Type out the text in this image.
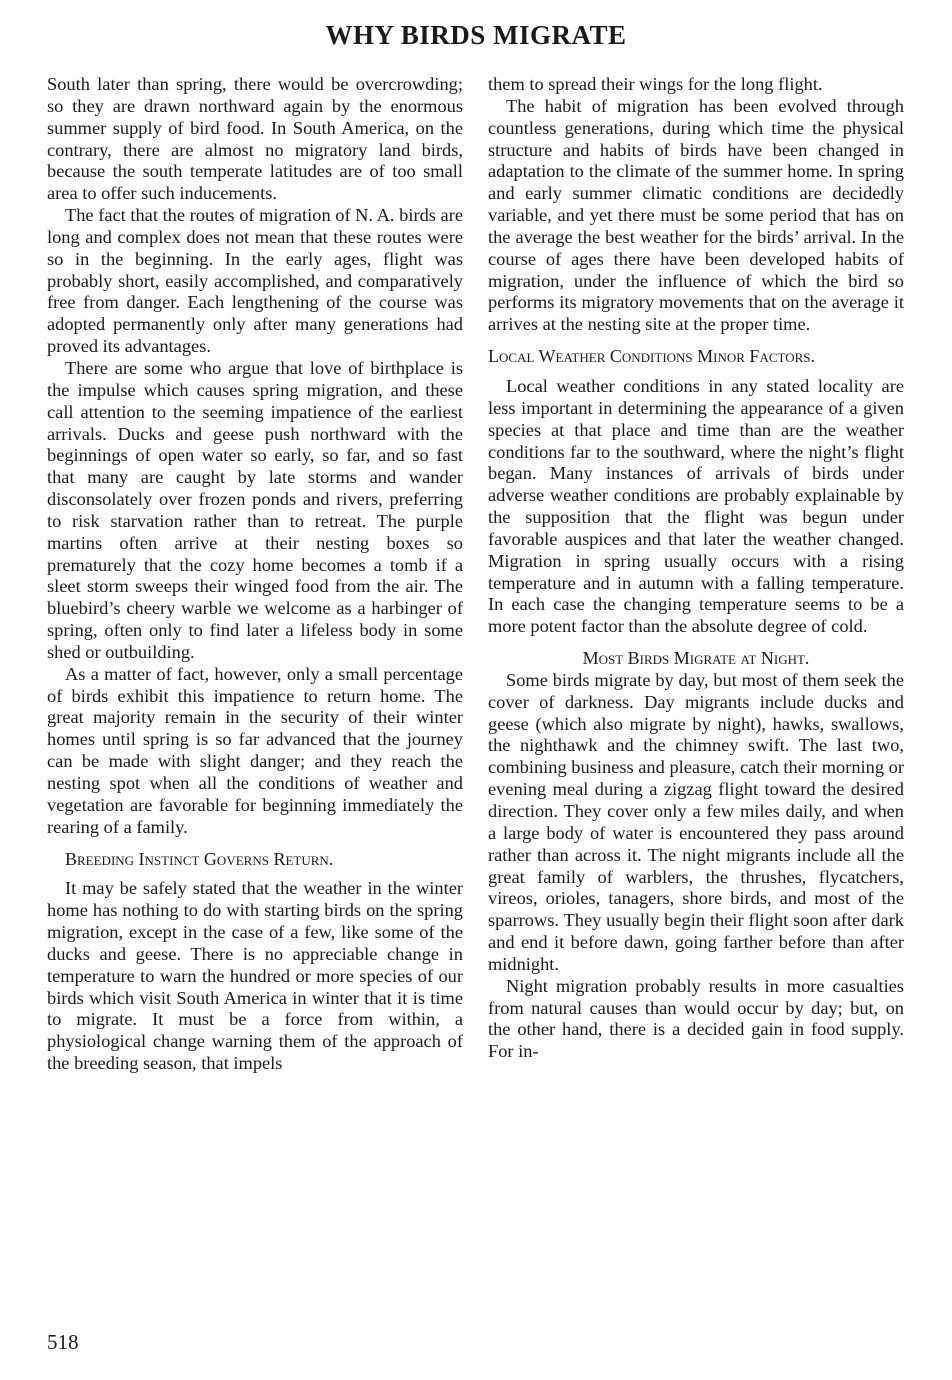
WHY BIRDS MIGRATE

South later than spring, there would be overcrowding; so they are drawn northward again by the enormous summer supply of bird food. In South America, on the contrary, there are almost no migratory land birds, because the south temperate latitudes are of too small area to offer such inducements.

The fact that the routes of migration of N. A. birds are long and complex does not mean that these routes were so in the beginning. In the early ages, flight was probably short, easily accomplished, and comparatively free from danger. Each lengthening of the course was adopted permanently only after many generations had proved its advantages.

There are some who argue that love of birthplace is the impulse which causes spring migration, and these call attention to the seeming impatience of the earliest arrivals. Ducks and geese push northward with the beginnings of open water so early, so far, and so fast that many are caught by late storms and wander disconsolately over frozen ponds and rivers, preferring to risk starvation rather than to retreat. The purple martins often arrive at their nesting boxes so prematurely that the cozy home becomes a tomb if a sleet storm sweeps their winged food from the air. The bluebird’s cheery warble we welcome as a harbinger of spring, often only to find later a lifeless body in some shed or outbuilding.

As a matter of fact, however, only a small percentage of birds exhibit this impatience to return home. The great majority remain in the security of their winter homes until spring is so far advanced that the journey can be made with slight danger; and they reach the nesting spot when all the conditions of weather and vegetation are favorable for beginning immediately the rearing of a family.

Breeding Instinct Governs Return.

It may be safely stated that the weather in the winter home has nothing to do with starting birds on the spring migration, except in the case of a few, like some of the ducks and geese. There is no appreciable change in temperature to warn the hundred or more species of our birds which visit South America in winter that it is time to migrate. It must be a force from within, a physiological change warning them of the approach of the breeding season, that impels

them to spread their wings for the long flight.

The habit of migration has been evolved through countless generations, during which time the physical structure and habits of birds have been changed in adaptation to the climate of the summer home. In spring and early summer climatic conditions are decidedly variable, and yet there must be some period that has on the average the best weather for the birds’ arrival. In the course of ages there have been developed habits of migration, under the influence of which the bird so performs its migratory movements that on the average it arrives at the nesting site at the proper time.

Local Weather Conditions Minor Factors.

Local weather conditions in any stated locality are less important in determining the appearance of a given species at that place and time than are the weather conditions far to the southward, where the night’s flight began. Many instances of arrivals of birds under adverse weather conditions are probably explainable by the supposition that the flight was begun under favorable auspices and that later the weather changed. Migration in spring usually occurs with a rising temperature and in autumn with a falling temperature. In each case the changing temperature seems to be a more potent factor than the absolute degree of cold.

Most Birds Migrate at Night.

Some birds migrate by day, but most of them seek the cover of darkness. Day migrants include ducks and geese (which also migrate by night), hawks, swallows, the nighthawk and the chimney swift. The last two, combining business and pleasure, catch their morning or evening meal during a zigzag flight toward the desired direction. They cover only a few miles daily, and when a large body of water is encountered they pass around rather than across it. The night migrants include all the great family of warblers, the thrushes, flycatchers, vireos, orioles, tanagers, shore birds, and most of the sparrows. They usually begin their flight soon after dark and end it before dawn, going farther before than after midnight.

Night migration probably results in more casualties from natural causes than would occur by day; but, on the other hand, there is a decided gain in food supply. For in-

518
